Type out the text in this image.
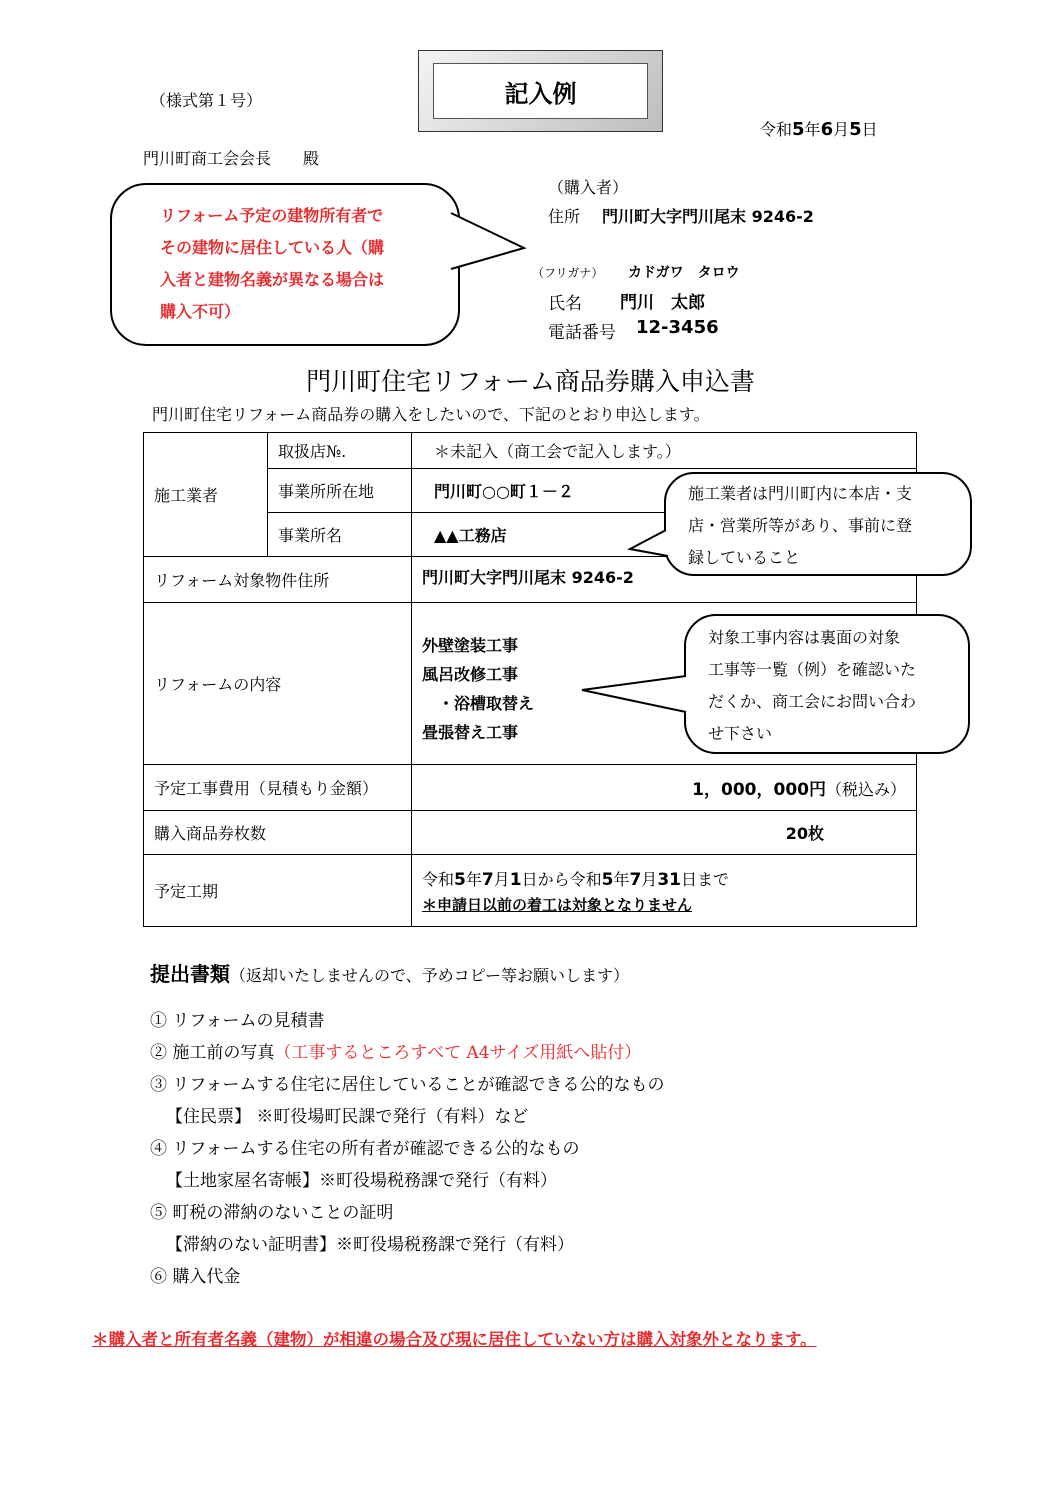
（様式第１号）	記入例
令和5年6月5日
門川町商工会会長　　殿
（購入者）
住所 門川町大字門川尾末 9246-2
（フリガナ） カドガワ　タロウ
氏名 門川　太郎
電話番号 12-3456
リフォーム予定の建物所有者で
その建物に居住している人（購
入者と建物名義が異なる場合は
購入不可）
門川町住宅リフォーム商品券購入申込書
門川町住宅リフォーム商品券の購入をしたいので、下記のとおり申込します。
施工業者	取扱店№.	＊未記入（商工会で記入します。）
	事業所所在地	門川町○○町１－２
	事業所名	▲▲工務店
リフォーム対象物件住所		門川町大字門川尾末 9246-2
リフォームの内容		外壁塗装工事
風呂改修工事
　・浴槽取替え
畳張替え工事

予定工事費用（見積もり金額）		1，000，000円（税込み）
購入商品券枚数		20枚
予定工期		令和5年7月1日から令和5年7月31日まで
＊申請日以前の着工は対象となりません
施工業者は門川町内に本店・支
店・営業所等があり、事前に登
録していること
対象工事内容は裏面の対象
工事等一覧（例）を確認いた
だくか、商工会にお問い合わ
せ下さい
提出書類（返却いたしませんので、予めコピー等お願いします）
① リフォームの見積書
② 施工前の写真（工事するところすべて A4サイズ用紙へ貼付）
③ リフォームする住宅に居住していることが確認できる公的なもの
【住民票】 ※町役場町民課で発行（有料）など
④ リフォームする住宅の所有者が確認できる公的なもの
【土地家屋名寄帳】※町役場税務課で発行（有料）
⑤ 町税の滞納のないことの証明
【滞納のない証明書】※町役場税務課で発行（有料）
⑥ 購入代金
＊購入者と所有者名義（建物）が相違の場合及び現に居住していない方は購入対象外となります。
